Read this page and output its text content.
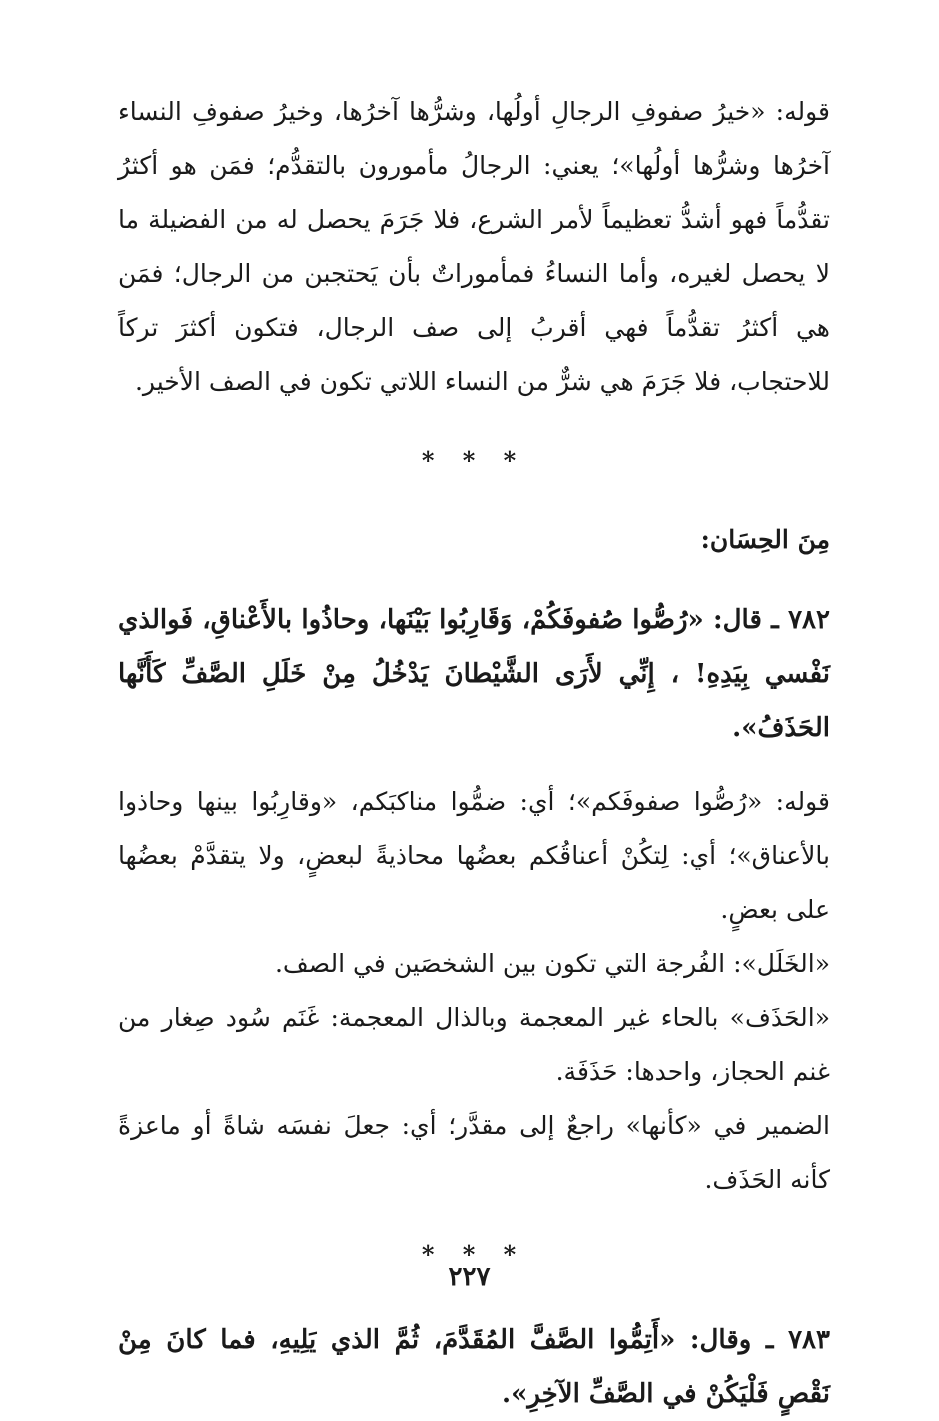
قوله: «خيرُ صفوفِ الرجالِ أولُها، وشرُّها آخرُها، وخيرُ صفوفِ النساء آخرُها وشرُّها أولُها»؛ يعني: الرجالُ مأمورون بالتقدُّم؛ فمَن هو أكثرُ تقدُّماً فهو أشدُّ تعظيماً لأمر الشرع، فلا جَرَمَ يحصل له من الفضيلة ما لا يحصل لغيره، وأما النساءُ فمأموراتٌ بأن يَحتجبن من الرجال؛ فمَن هي أكثرُ تقدُّماً فهي أقربُ إلى صف الرجال، فتكون أكثرَ تركاً للاحتجاب، فلا جَرَمَ هي شرٌّ من النساء اللاتي تكون في الصف الأخير.

* * *

مِنَ الحِسَان:

٧٨٢ ـ قال: «رُصُّوا صُفوفَكُمْ، وَقَارِبُوا بَيْنَها، وحاذُوا بالأَعْناقِ، فَوالذي نَفْسي بِيَدِهِ! ، إِنِّي لأَرَى الشَّيْطانَ يَدْخُلُ مِنْ خَلَلِ الصَّفِّ كَأَنَّها الحَذَفُ».

قوله: «رُصُّوا صفوفَكم»؛ أي: ضمُّوا مناكبَكم، «وقارِبُوا بينها وحاذوا بالأعناق»؛ أي: لِتكُنْ أعناقُكم بعضُها محاذيةً لبعضٍ، ولا يتقدَّمْ بعضُها على بعضٍ.

«الخَلَل»: الفُرجة التي تكون بين الشخصَين في الصف.

«الحَذَف» بالحاء غير المعجمة وبالذال المعجمة: غَنَم سُود صِغار من غنم الحجاز، واحدها: حَذَفَة.

الضمير في «كأنها» راجعٌ إلى مقدَّر؛ أي: جعلَ نفسَه شاةً أو ماعزةً كأنه الحَذَف.

* * *

٧٨٣ ـ وقال: «أَتِمُّوا الصَّفَّ المُقَدَّمَ، ثُمَّ الذي يَلِيهِ، فما كانَ مِنْ نَقْصٍ فَلْيَكُنْ في الصَّفِّ الآخِرِ».

٢٢٧
